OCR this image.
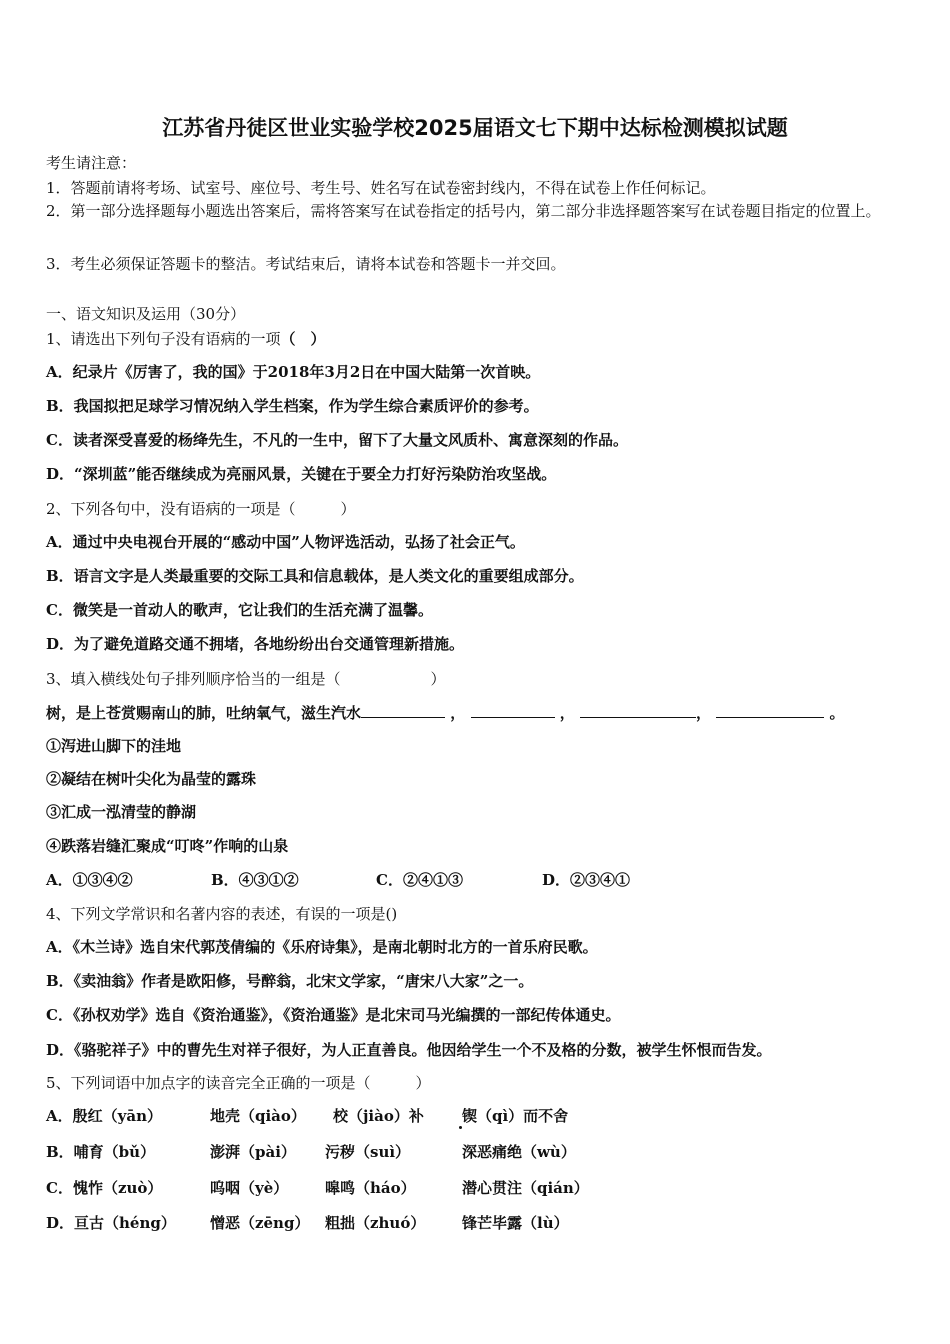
江苏省丹徒区世业实验学校2025届语文七下期中达标检测模拟试题
考生请注意：
1．答题前请将考场、试室号、座位号、考生号、姓名写在试卷密封线内，不得在试卷上作任何标记。
2．第一部分选择题每小题选出答案后，需将答案写在试卷指定的括号内，第二部分非选择题答案写在试卷题目指定的位置上。
3．考生必须保证答题卡的整洁。考试结束后，请将本试卷和答题卡一并交回。
一、语文知识及运用（30分）
1、请选出下列句子没有语病的一项（　）
A．纪录片《厉害了，我的国》于2018年3月2日在中国大陆第一次首映。
B．我国拟把足球学习情况纳入学生档案，作为学生综合素质评价的参考。
C．读者深受喜爱的杨绛先生，不凡的一生中，留下了大量文风质朴、寓意深刻的作品。
D．“深圳蓝”能否继续成为亮丽风景，关键在于要全力打好污染防治攻坚战。
2、下列各句中，没有语病的一项是（　　　）
A．通过中央电视台开展的“感动中国”人物评选活动，弘扬了社会正气。
B．语言文字是人类最重要的交际工具和信息载体，是人类文化的重要组成部分。
C．微笑是一首动人的歌声，它让我们的生活充满了温馨。
D．为了避免道路交通不拥堵，各地纷纷出台交通管理新措施。
3、填入横线处句子排列顺序恰当的一组是（　　　　　　）
树，是上苍赏赐南山的肺，吐纳氧气，滋生汽水	，	，	，	。
①泻进山脚下的洼地
②凝结在树叶尖化为晶莹的露珠
③汇成一泓清莹的静湖
④跌落岩缝汇聚成“叮咚”作响的山泉
A．①③④②	B．④③①②	C．②④①③	D．②③④①
4、下列文学常识和名著内容的表述，有误的一项是()
A．《木兰诗》选自宋代郭茂倩编的《乐府诗集》，是南北朝时北方的一首乐府民歌。
B．《卖油翁》作者是欧阳修，号醉翁，北宋文学家，“唐宋八大家”之一。
C．《孙权劝学》选自《资治通鉴》，《资治通鉴》是北宋司马光编撰的一部纪传体通史。
D．《骆驼祥子》中的曹先生对祥子很好，为人正直善良。他因给学生一个不及格的分数，被学生怀恨而告发。
5、下列词语中加点字的读音完全正确的一项是（　　　）
A．殷红（yān）	地壳（qiào） 校（jiào）补	锲（qì）而不舍
B．哺育（bǔ）	澎湃（pài） 污秽（suì）	深恶痛绝（wù）
C．愧怍（zuò）	呜咽（yè） 嗥鸣（háo）	潜心贯注（qián）
D．亘古（héng） 憎恶（zēng） 粗拙（zhuó） 锋芒毕露（lù）
